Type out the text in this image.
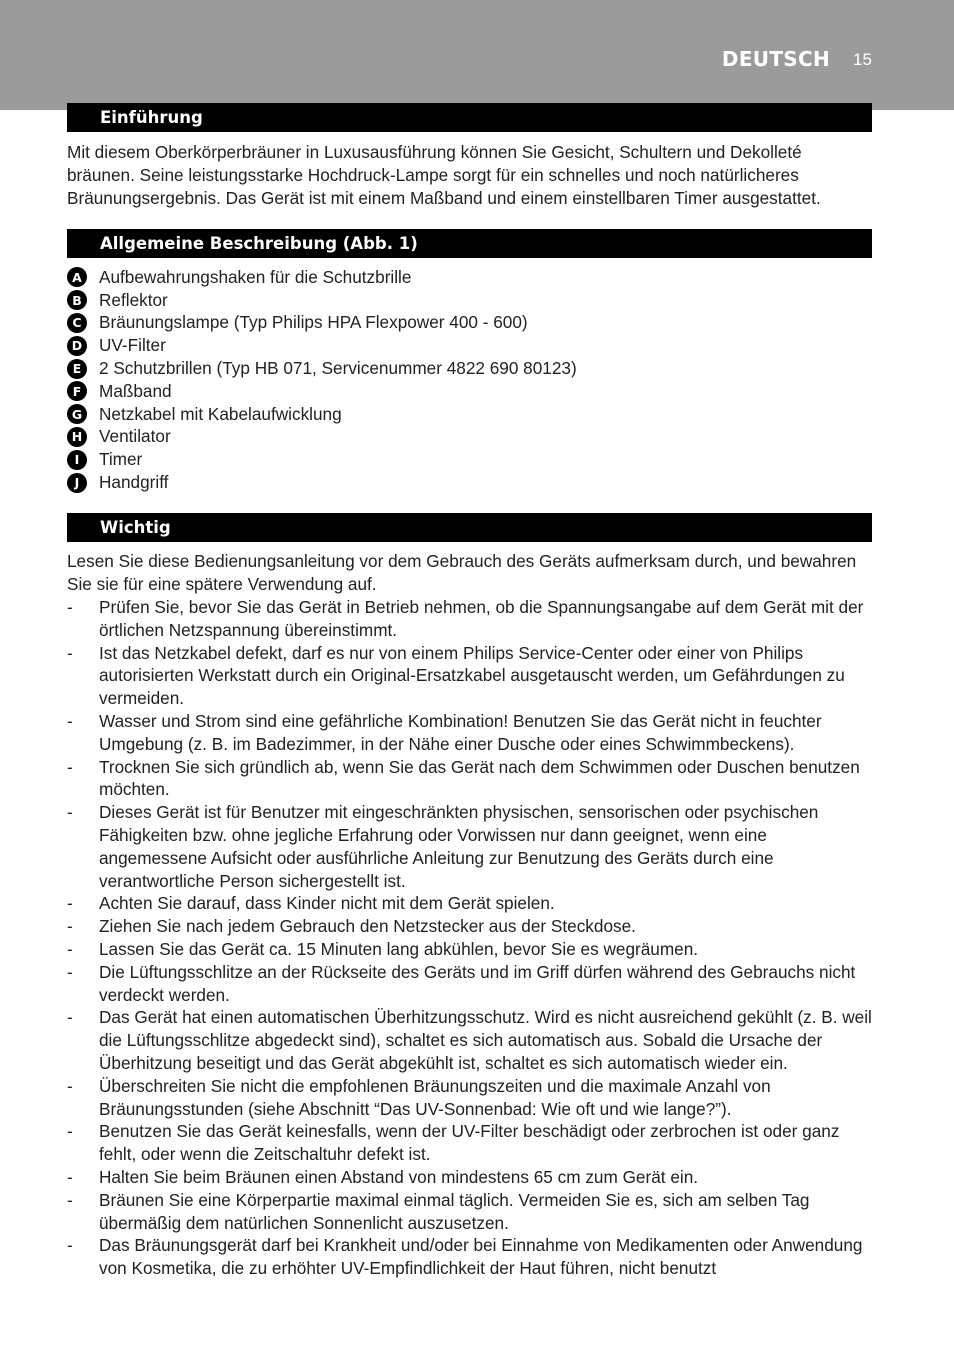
DEUTSCH 15
Einführung

Mit diesem Oberkörperbräuner in Luxusausführung können Sie Gesicht, Schultern und Dekolleté bräunen. Seine leistungsstarke Hochdruck-Lampe sorgt für ein schnelles und noch natürlicheres Bräunungsergebnis. Das Gerät ist mit einem Maßband und einem einstellbaren Timer ausgestattet.

Allgemeine Beschreibung (Abb. 1)
A Aufbewahrungshaken für die Schutzbrille
B	Reflektor
C	Bräunungslampe (Typ Philips HPA Flexpower 400 - 600)
D UV-Filter
E	2 Schutzbrillen (Typ HB 071, Servicenummer 4822 690 80123)
F	Maßband
G Netzkabel mit Kabelaufwicklung
H Ventilator
I	Timer
J	Handgriff
Wichtig

Lesen Sie diese Bedienungsanleitung vor dem Gebrauch des Geräts aufmerksam durch, und bewahren Sie sie für eine spätere Verwendung auf.

-	Prüfen Sie, bevor Sie das Gerät in Betrieb nehmen, ob die Spannungsangabe auf dem Gerät mit der örtlichen Netzspannung übereinstimmt.
-	Ist das Netzkabel defekt, darf es nur von einem Philips Service-Center oder einer von Philips autorisierten Werkstatt durch ein Original-Ersatzkabel ausgetauscht werden, um Gefährdungen zu vermeiden.
-	Wasser und Strom sind eine gefährliche Kombination! Benutzen Sie das Gerät nicht in feuchter Umgebung (z. B. im Badezimmer, in der Nähe einer Dusche oder eines Schwimmbeckens).
-	Trocknen Sie sich gründlich ab, wenn Sie das Gerät nach dem Schwimmen oder Duschen benutzen möchten.
-	Dieses Gerät ist für Benutzer mit eingeschränkten physischen, sensorischen oder psychischen Fähigkeiten bzw. ohne jegliche Erfahrung oder Vorwissen nur dann geeignet, wenn eine angemessene Aufsicht oder ausführliche Anleitung zur Benutzung des Geräts durch eine verantwortliche Person sichergestellt ist.
-	Achten Sie darauf, dass Kinder nicht mit dem Gerät spielen.
-	Ziehen Sie nach jedem Gebrauch den Netzstecker aus der Steckdose.
-	Lassen Sie das Gerät ca. 15 Minuten lang abkühlen, bevor Sie es wegräumen.
-	Die Lüftungsschlitze an der Rückseite des Geräts und im Griff dürfen während des Gebrauchs nicht verdeckt werden.
-	Das Gerät hat einen automatischen Überhitzungsschutz. Wird es nicht ausreichend gekühlt (z. B. weil die Lüftungsschlitze abgedeckt sind), schaltet es sich automatisch aus. Sobald die Ursache der Überhitzung beseitigt und das Gerät abgekühlt ist, schaltet es sich automatisch wieder ein.
-	Überschreiten Sie nicht die empfohlenen Bräunungszeiten und die maximale Anzahl von Bräunungsstunden (siehe Abschnitt “Das UV-Sonnenbad: Wie oft und wie lange?”).
-	Benutzen Sie das Gerät keinesfalls, wenn der UV-Filter beschädigt oder zerbrochen ist oder ganz fehlt, oder wenn die Zeitschaltuhr defekt ist.
-	Halten Sie beim Bräunen einen Abstand von mindestens 65 cm zum Gerät ein.
-	Bräunen Sie eine Körperpartie maximal einmal täglich. Vermeiden Sie es, sich am selben Tag übermäßig dem natürlichen Sonnenlicht auszusetzen.
-	Das Bräunungsgerät darf bei Krankheit und/oder bei Einnahme von Medikamenten oder Anwendung von Kosmetika, die zu erhöhter UV-Empfindlichkeit der Haut führen, nicht benutzt
